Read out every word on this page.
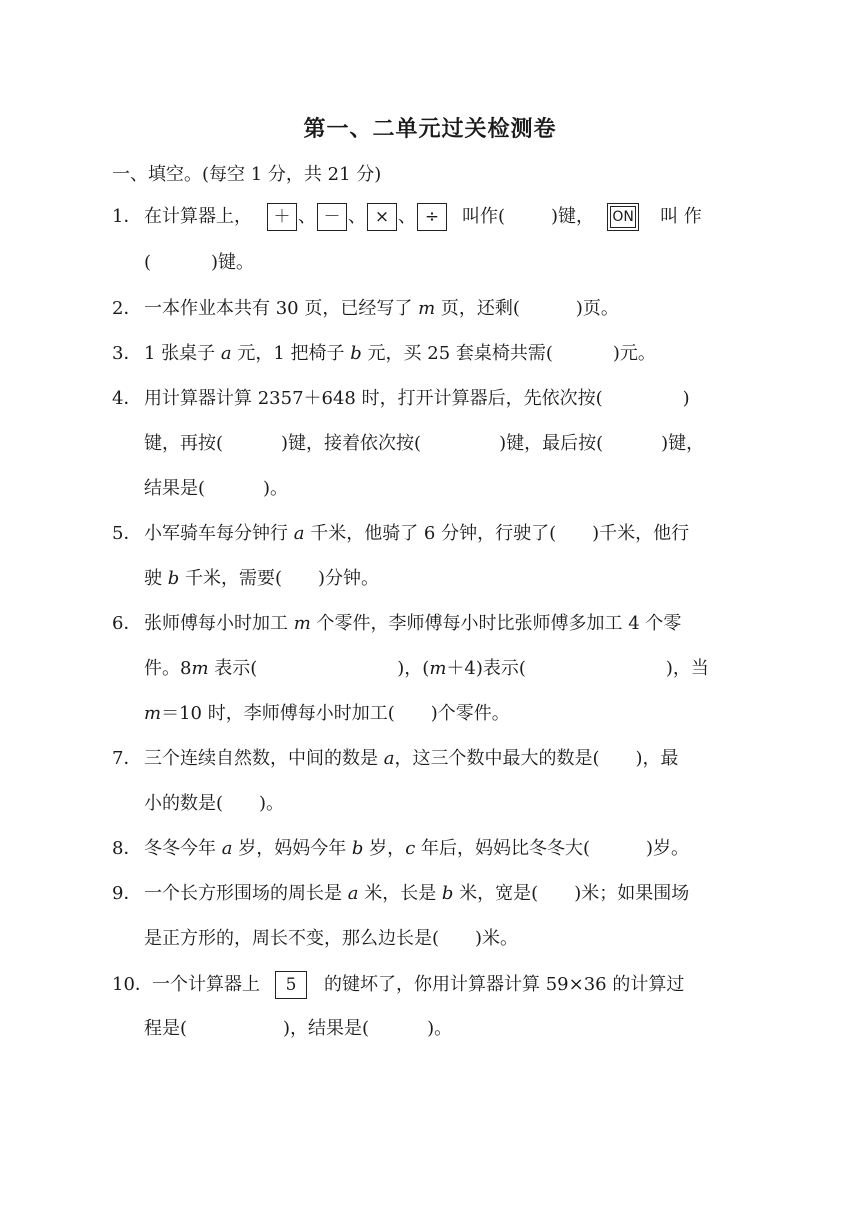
第一、二单元过关检测卷
一、填空。(每空 1 分，共 21 分)
1． 在计算器上， ＋ 、 － 、 × 、 ÷ 叫作(	)键， ON 叫 作
(	)键。
2． 一本作业本共有 30 页，已经写了 m 页，还剩(	)页。
3． 1 张桌子 a 元，1 把椅子 b 元，买 25 套桌椅共需(	)元。
4． 用计算器计算 2357＋648 时，打开计算器后，先依次按(	)
键，再按(	)键，接着依次按(	)键，最后按(	)键，
结果是(	)。
5． 小军骑车每分钟行 a 千米，他骑了 6 分钟，行驶了( )千米，他行
驶 b 千米，需要( )分钟。
6． 张师傅每小时加工 m 个零件，李师傅每小时比张师傅多加工 4 个零
件。8m 表示(	)，(m＋4)表示(	)，当
m＝10 时，李师傅每小时加工( )个零件。
7． 三个连续自然数，中间的数是 a，这三个数中最大的数是( )，最
小的数是( )。
8． 冬冬今年 a 岁，妈妈今年 b 岁，c 年后，妈妈比冬冬大(	)岁。
9． 一个长方形围场的周长是 a 米，长是 b 米，宽是( )米；如果围场
是正方形的，周长不变，那么边长是( )米。
10．一个计算器上 5 的键坏了，你用计算器计算 59×36 的计算过
程是(	)，结果是(	)。
